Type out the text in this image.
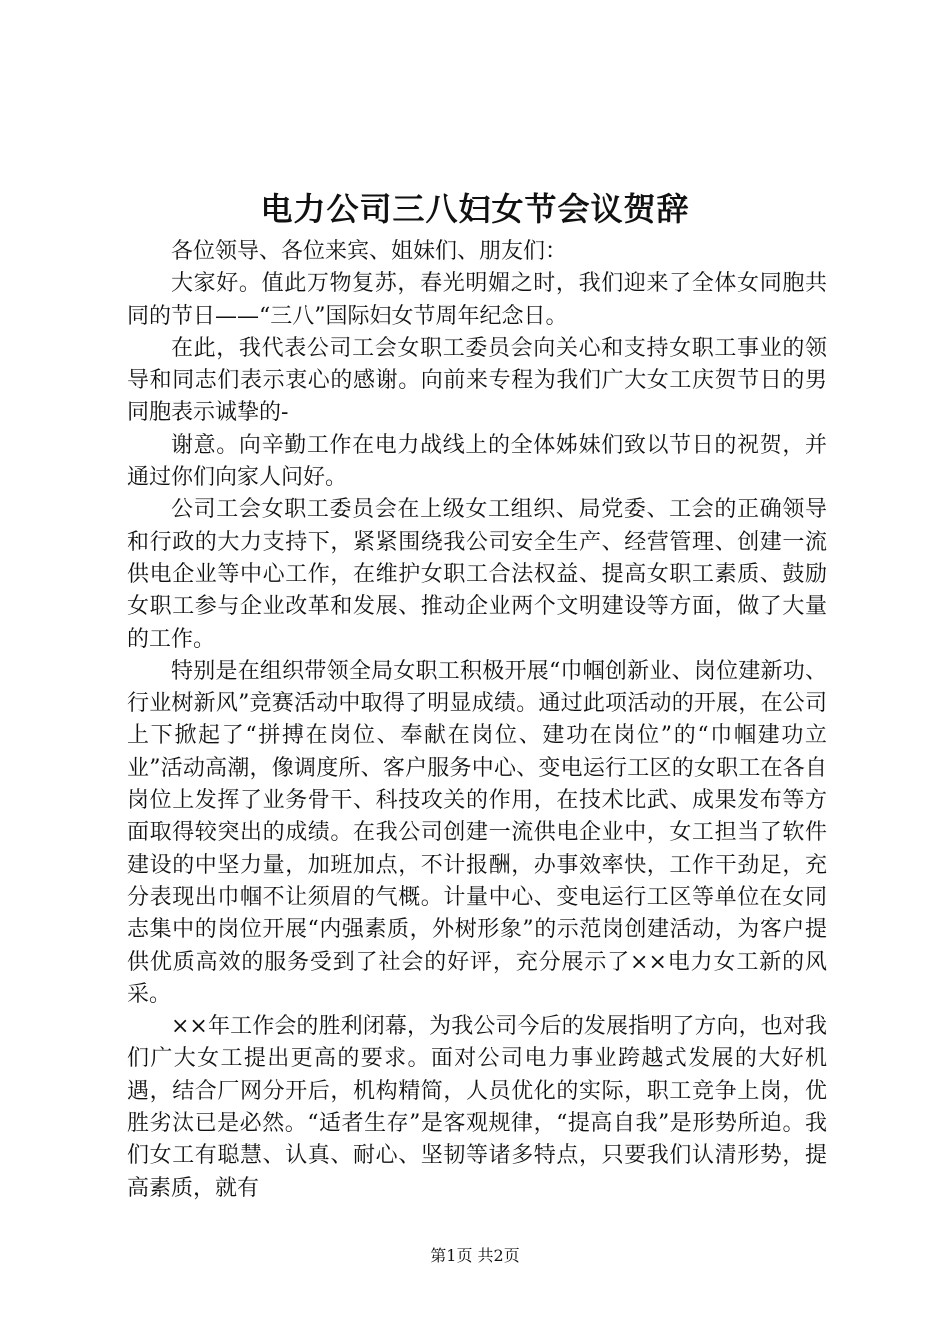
电力公司三八妇女节会议贺辞

各位领导、各位来宾、姐妹们、朋友们：

大家好。值此万物复苏，春光明媚之时，我们迎来了全体女同胞共同的节日——“三八”国际妇女节周年纪念日。

在此，我代表公司工会女职工委员会向关心和支持女职工事业的领导和同志们表示衷心的感谢。向前来专程为我们广大女工庆贺节日的男同胞表示诚挚的-

谢意。向辛勤工作在电力战线上的全体姊妹们致以节日的祝贺，并通过你们向家人问好。

公司工会女职工委员会在上级女工组织、局党委、工会的正确领导和行政的大力支持下，紧紧围绕我公司安全生产、经营管理、创建一流供电企业等中心工作，在维护女职工合法权益、提高女职工素质、鼓励女职工参与企业改革和发展、推动企业两个文明建设等方面，做了大量的工作。

特别是在组织带领全局女职工积极开展“巾帼创新业、岗位建新功、行业树新风”竞赛活动中取得了明显成绩。通过此项活动的开展，在公司上下掀起了“拼搏在岗位、奉献在岗位、建功在岗位”的“巾帼建功立业”活动高潮，像调度所、客户服务中心、变电运行工区的女职工在各自岗位上发挥了业务骨干、科技攻关的作用，在技术比武、成果发布等方面取得较突出的成绩。在我公司创建一流供电企业中，女工担当了软件建设的中坚力量，加班加点，不计报酬，办事效率快，工作干劲足，充分表现出巾帼不让须眉的气概。计量中心、变电运行工区等单位在女同志集中的岗位开展“内强素质，外树形象”的示范岗创建活动，为客户提供优质高效的服务受到了社会的好评，充分展示了××电力女工新的风采。

××年工作会的胜利闭幕，为我公司今后的发展指明了方向，也对我们广大女工提出更高的要求。面对公司电力事业跨越式发展的大好机遇，结合厂网分开后，机构精简，人员优化的实际，职工竞争上岗，优胜劣汰已是必然。“适者生存”是客观规律，“提高自我”是形势所迫。我们女工有聪慧、认真、耐心、坚韧等诸多特点，只要我们认清形势，提高素质，就有

第1页 共2页
